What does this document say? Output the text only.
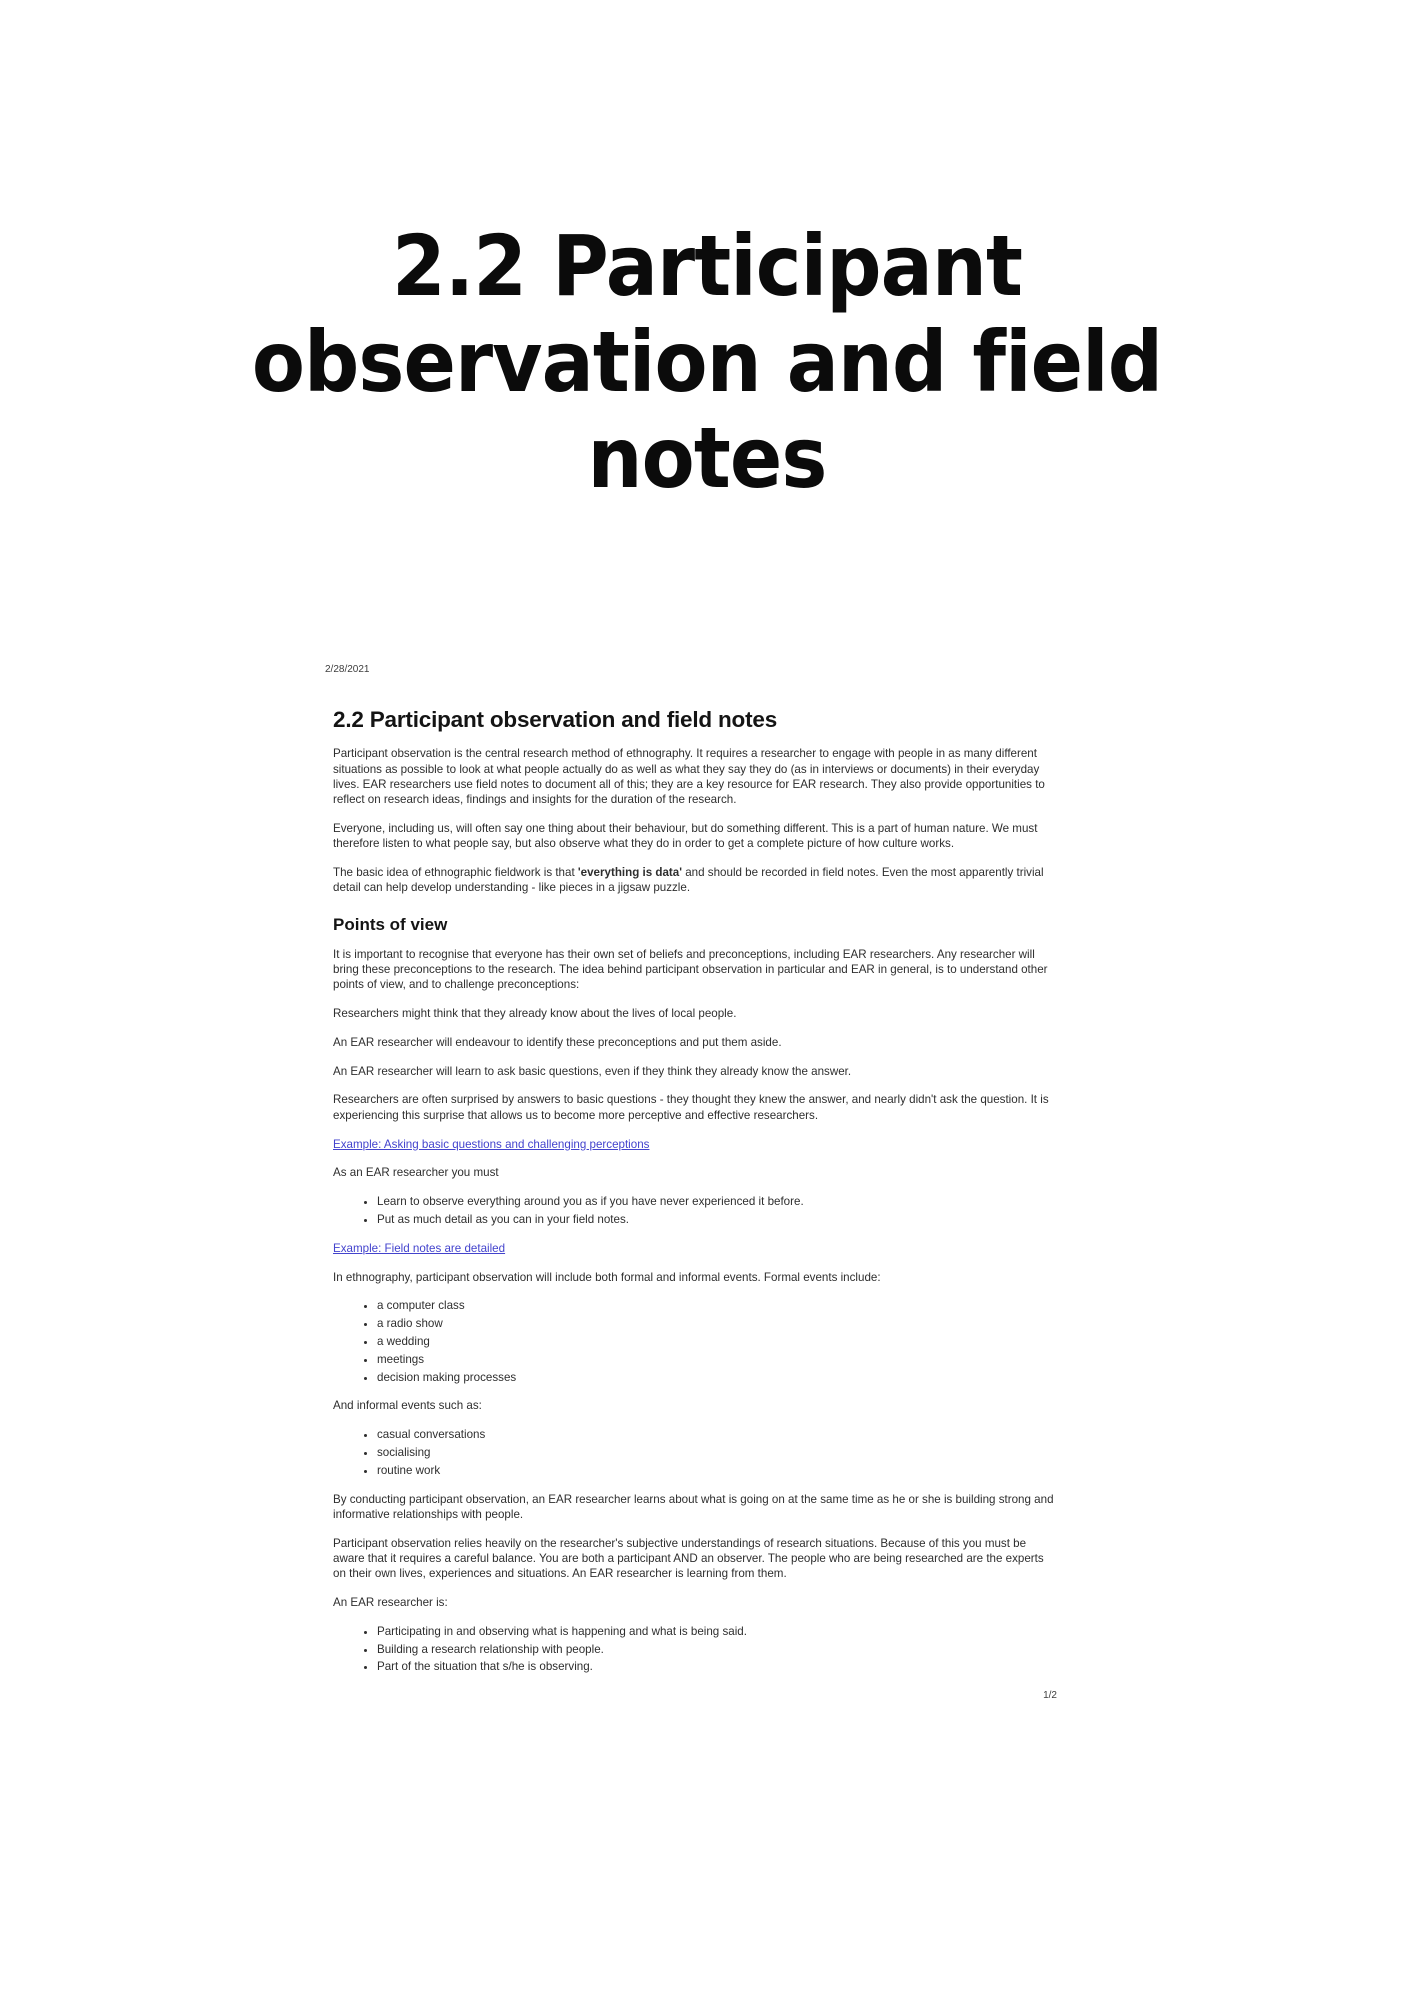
2.2 Participant
observation and field
notes
2/28/2021
2.2 Participant observation and field notes

Participant observation is the central research method of ethnography. It requires a researcher to engage with people in as many different situations as possible to look at what people actually do as well as what they say they do (as in interviews or documents) in their everyday lives. EAR researchers use field notes to document all of this; they are a key resource for EAR research. They also provide opportunities to reflect on research ideas, findings and insights for the duration of the research.

Everyone, including us, will often say one thing about their behaviour, but do something different. This is a part of human nature. We must therefore listen to what people say, but also observe what they do in order to get a complete picture of how culture works.

The basic idea of ethnographic fieldwork is that 'everything is data' and should be recorded in field notes. Even the most apparently trivial detail can help develop understanding - like pieces in a jigsaw puzzle.

Points of view

It is important to recognise that everyone has their own set of beliefs and preconceptions, including EAR researchers. Any researcher will bring these preconceptions to the research. The idea behind participant observation in particular and EAR in general, is to understand other points of view, and to challenge preconceptions:

Researchers might think that they already know about the lives of local people.

An EAR researcher will endeavour to identify these preconceptions and put them aside.

An EAR researcher will learn to ask basic questions, even if they think they already know the answer.

Researchers are often surprised by answers to basic questions - they thought they knew the answer, and nearly didn't ask the question. It is experiencing this surprise that allows us to become more perceptive and effective researchers.

Example: Asking basic questions and challenging perceptions

As an EAR researcher you must

• Learn to observe everything around you as if you have never experienced it before.
• Put as much detail as you can in your field notes.

Example: Field notes are detailed

In ethnography, participant observation will include both formal and informal events. Formal events include:

• a computer class
• a radio show
• a wedding
• meetings
• decision making processes

And informal events such as:

• casual conversations
• socialising
• routine work

By conducting participant observation, an EAR researcher learns about what is going on at the same time as he or she is building strong and informative relationships with people.

Participant observation relies heavily on the researcher's subjective understandings of research situations. Because of this you must be aware that it requires a careful balance. You are both a participant AND an observer. The people who are being researched are the experts on their own lives, experiences and situations. An EAR researcher is learning from them.

An EAR researcher is:

• Participating in and observing what is happening and what is being said.
• Building a research relationship with people.
• Part of the situation that s/he is observing.
1/2
